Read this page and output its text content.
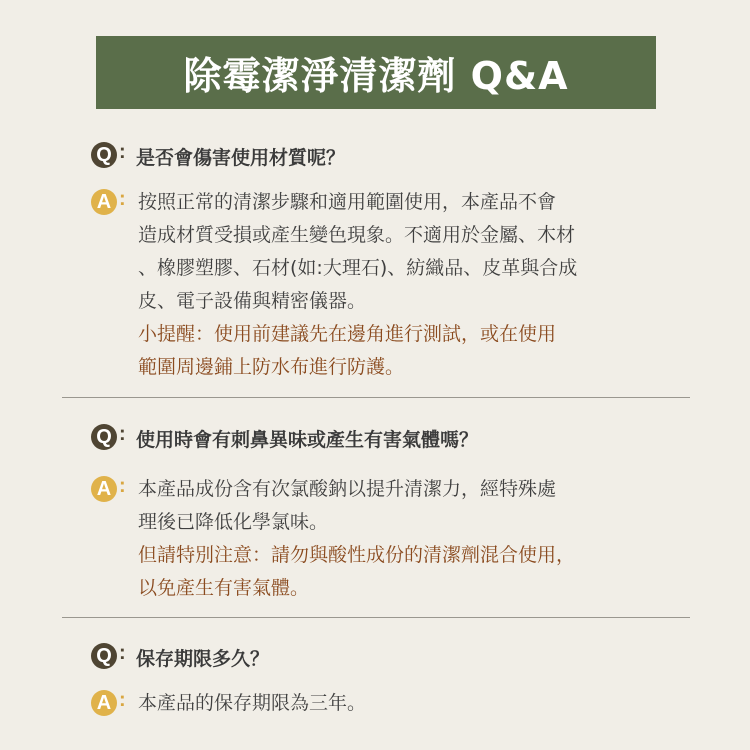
除霉潔淨清潔劑 Q&A
Q : 是否會傷害使用材質呢？
A : 按照正常的清潔步驟和適用範圍使用，本產品不會

造成材質受損或產生變色現象。不適用於金屬、木材

、橡膠塑膠、石材(如:大理石)、紡織品、皮革與合成

皮、電子設備與精密儀器。

小提醒：使用前建議先在邊角進行測試，或在使用

範圍周邊鋪上防水布進行防護。

Q : 使用時會有刺鼻異味或產生有害氣體嗎？
A : 本產品成份含有次氯酸鈉以提升清潔力，經特殊處

理後已降低化學氯味。

但請特別注意：請勿與酸性成份的清潔劑混合使用，

以免產生有害氣體。

Q : 保存期限多久？
A : 本產品的保存期限為三年。
